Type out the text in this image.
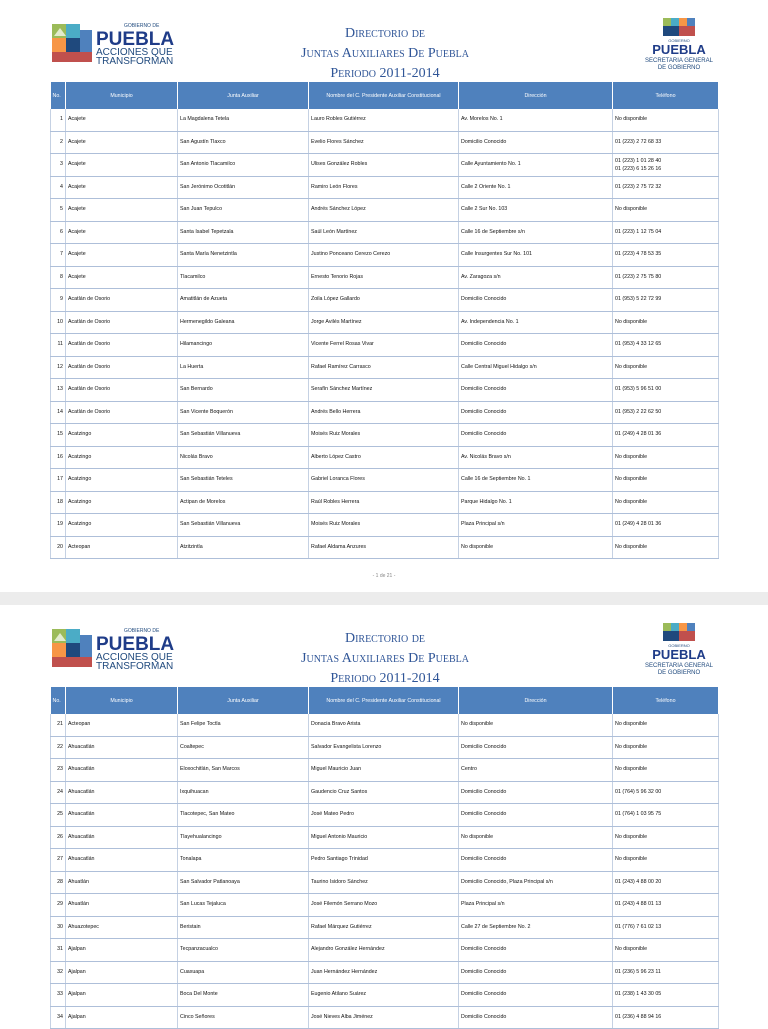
GOBIERNO DE
PUEBLA
ACCIONES QUE
TRANSFORMAN
Directorio de
Juntas Auxiliares De Puebla
Periodo 2011-2014
GOBIERNO
PUEBLA
SECRETARIA GENERAL
DE GOBIERNO
No.	Municipio	Junta Auxiliar	Nombre del C. Presidente Auxiliar Constitucional	Dirección	Teléfono
1	Acajete	La Magdalena Tetela	Lauro Robles Gutiérrez	Av. Morelos No. 1	No disponible
2	Acajete	San Agustín Tlaxco	Evelio Flores Sánchez	Domicilio Conocido	01 (223) 2 72 68 33
3	Acajete	San Antonio Tlacamilco	Ulises González Robles	Calle Ayuntamiento No. 1	01 (223) 1 01 28 40
01 (223) 6 15 26 16

4	Acajete	San Jerónimo Ocotitlán	Ramiro León Flores	Calle 2 Oriente No. 1	01 (223) 2 75 72 32
5	Acajete	San Juan Tepulco	Andrés Sánchez López	Calle 2 Sur No. 103	No disponible
6	Acajete	Santa Isabel Tepetzala	Saúl León Martínez	Calle 16 de Septiembre s/n	01 (223) 1 12 75 04
7	Acajete	Santa María Nenetzintla	Justino Ponceano Cerezo Cerezo	Calle Insurgentes Sur No. 101	01 (223) 4 78 53 35
8	Acajete	Tlacamilco	Ernesto Tenorio Rojas	Av. Zaragoza s/n	01 (223) 2 75 75 80
9	Acatlán de Osorio	Amatitlán de Azueta	Zoila López Gallardo	Domicilio Conocido	01 (953) 5 22 72 99
10	Acatlán de Osorio	Hermenegildo Galeana	Jorge Avilés Martínez	Av. Independencia No. 1	No disponible
11	Acatlán de Osorio	Hilamancingo	Vicente Ferrel Rosas Vivar	Domicilio Conocido	01 (953) 4 33 12 65
12	Acatlán de Osorio	La Huerta	Rafael Ramírez Carrasco	Calle Central Miguel Hidalgo s/n	No disponible
13	Acatlán de Osorio	San Bernardo	Serafín Sánchez Martínez	Domicilio Conocido	01 (953) 5 96 51 00
14	Acatlán de Osorio	San Vicente Boquerón	Andrés Bello Herrera	Domicilio Conocido	01 (953) 2 22 62 50
15	Acatzingo	San Sebastián Villanueva	Moisés Ruiz Morales	Domicilio Conocido	01 (249) 4 28 01 36
16	Acatzingo	Nicolás Bravo	Alberto López Castro	Av. Nicolás Bravo s/n	No disponible
17	Acatzingo	San Sebastián Teteles	Gabriel Loranca Flores	Calle 16 de Septiembre No. 1	No disponible
18	Acatzingo	Actipan de Morelos	Raúl Robles Herrera	Parque Hidalgo No. 1	No disponible
19	Acatzingo	San Sebastián Villanueva	Moisés Ruiz Morales	Plaza Principal s/n	01 (249) 4 28 01 36
20	Acteopan	Atzitzintla	Rafael Aldama Anzures	No disponible	No disponible
- 1 de 21 -
GOBIERNO DE
PUEBLA
ACCIONES QUE
TRANSFORMAN
Directorio de
Juntas Auxiliares De Puebla
Periodo 2011-2014
GOBIERNO
PUEBLA
SECRETARIA GENERAL
DE GOBIERNO
No.	Municipio	Junta Auxiliar	Nombre del C. Presidente Auxiliar Constitucional	Dirección	Teléfono
21	Acteopan	San Felipe Toctla	Donacia Bravo Arista	No disponible	No disponible
22	Ahuacatlán	Coaltepec	Salvador Evangelista Lorenzo	Domicilio Conocido	No disponible
23	Ahuacatlán	Eloxochitlán, San Marcos	Miguel Mauricio Juan	Centro	No disponible
24	Ahuacatlán	Ixquihuacan	Gaudencio Cruz Santos	Domicilio Conocido	01 (764) 5 96 32 00
25	Ahuacatlán	Tlacotepec, San Mateo	José Mateo Pedro	Domicilio Conocido	01 (764) 1 03 95 75
26	Ahuacatlán	Tlayehualancingo	Miguel Antonio Mauricio	No disponible	No disponible
27	Ahuacatlán	Tonalapa	Pedro Santiago Trinidad	Domicilio Conocido	No disponible
28	Ahuatlán	San Salvador Patlanoaya	Taurino Isidoro Sánchez	Domicilio Conocido, Plaza Principal s/n	01 (243) 4 88 00 20
29	Ahuatlán	San Lucas Tejaluca	José Filemón Serrano Mozo	Plaza Principal s/n	01 (243) 4 88 01 13
30	Ahuazotepec	Beristain	Rafael Márquez Gutiérrez	Calle 27 de Septiembre No. 2	01 (776) 7 61 02 13
31	Ajalpan	Tecpanzacualco	Alejandro González Hernández	Domicilio Conocido	No disponible
32	Ajalpan	Cuaxuapa	Juan Hernández Hernández	Domicilio Conocido	01 (236) 5 96 23 11
33	Ajalpan	Boca Del Monte	Eugenio Atilano Suárez	Domicilio Conocido	01 (238) 1 43 30 05
34	Ajalpan	Cinco Señores	José Nieves Alba Jiménez	Domicilio Conocido	01 (236) 4 88 94 16
